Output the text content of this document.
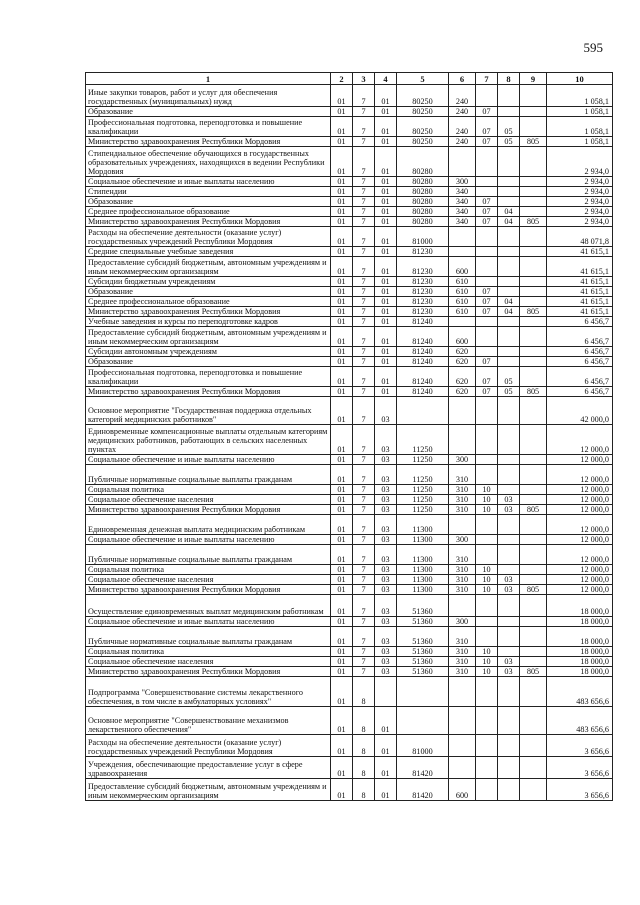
595
1	2	3	4	5	6	7	8	9	10
Иные закупки товаров, работ и услуг для обеспечения государственных (муниципальных) нужд	01	7	01	80250	240				1 058,1
Образование	01	7	01	80250	240	07			1 058,1
Профессиональная подготовка, переподготовка и повышение квалификации	01	7	01	80250	240	07	05		1 058,1
Министерство здравоохранения Республики Мордовия	01	7	01	80250	240	07	05	805	1 058,1
Стипендиальное обеспечение обучающихся в государственных образовательных учреждениях, находящихся в ведении Республики Мордовия	01	7	01	80280					2 934,0
Социальное обеспечение и иные выплаты населению	01	7	01	80280	300				2 934,0
Стипендии	01	7	01	80280	340				2 934,0
Образование	01	7	01	80280	340	07			2 934,0
Среднее профессиональное образование	01	7	01	80280	340	07	04		2 934,0
Министерство здравоохранения Республики Мордовия	01	7	01	80280	340	07	04	805	2 934,0
Расходы на обеспечение деятельности (оказание услуг) государственных учреждений Республики Мордовия	01	7	01	81000					48 071,8
Средние специальные учебные заведения	01	7	01	81230					41 615,1
Предоставление субсидий бюджетным, автономным учреждениям и иным некоммерческим организациям	01	7	01	81230	600				41 615,1
Субсидии бюджетным учреждениям	01	7	01	81230	610				41 615,1
Образование	01	7	01	81230	610	07			41 615,1
Среднее профессиональное образование	01	7	01	81230	610	07	04		41 615,1
Министерство здравоохранения Республики Мордовия	01	7	01	81230	610	07	04	805	41 615,1
Учебные заведения и курсы по переподготовке кадров	01	7	01	81240					6 456,7
Предоставление субсидий бюджетным, автономным учреждениям и иным некоммерческим организациям	01	7	01	81240	600				6 456,7
Субсидии автономным учреждениям	01	7	01	81240	620				6 456,7
Образование	01	7	01	81240	620	07			6 456,7
Профессиональная подготовка, переподготовка и повышение квалификации	01	7	01	81240	620	07	05		6 456,7
Министерство здравоохранения Республики Мордовия	01	7	01	81240	620	07	05	805	6 456,7
Основное мероприятие "Государственная поддержка отдельных категорий медицинских работников"	01	7	03						42 000,0
Единовременные компенсационные выплаты отдельным категориям медицинских работников, работающих в сельских населенных пунктах	01	7	03	11250					12 000,0
Социальное обеспечение и иные выплаты населению	01	7	03	11250	300				12 000,0
Публичные нормативные социальные выплаты гражданам	01	7	03	11250	310				12 000,0
Социальная политика	01	7	03	11250	310	10			12 000,0
Социальное обеспечение населения	01	7	03	11250	310	10	03		12 000,0
Министерство здравоохранения Республики Мордовия	01	7	03	11250	310	10	03	805	12 000,0
Единовременная денежная выплата медицинским работникам	01	7	03	11300					12 000,0
Социальное обеспечение и иные выплаты населению	01	7	03	11300	300				12 000,0
Публичные нормативные социальные выплаты гражданам	01	7	03	11300	310				12 000,0
Социальная политика	01	7	03	11300	310	10			12 000,0
Социальное обеспечение населения	01	7	03	11300	310	10	03		12 000,0
Министерство здравоохранения Республики Мордовия	01	7	03	11300	310	10	03	805	12 000,0
Осуществление единовременных выплат медицинским работникам	01	7	03	51360					18 000,0
Социальное обеспечение и иные выплаты населению	01	7	03	51360	300				18 000,0
Публичные нормативные социальные выплаты гражданам	01	7	03	51360	310				18 000,0
Социальная политика	01	7	03	51360	310	10			18 000,0
Социальное обеспечение населения	01	7	03	51360	310	10	03		18 000,0
Министерство здравоохранения Республики Мордовия	01	7	03	51360	310	10	03	805	18 000,0
Подпрограмма "Совершенствование системы лекарственного обеспечения, в том числе в амбулаторных условиях"	01	8							483 656,6
Основное мероприятие "Совершенствование механизмов лекарственного обеспечения"	01	8	01						483 656,6
Расходы на обеспечение деятельности (оказание услуг) государственных учреждений Республики Мордовия	01	8	01	81000					3 656,6
Учреждения, обеспечивающие предоставление услуг в сфере здравоохранения	01	8	01	81420					3 656,6
Предоставление субсидий бюджетным, автономным учреждениям и иным некоммерческим организациям	01	8	01	81420	600				3 656,6
